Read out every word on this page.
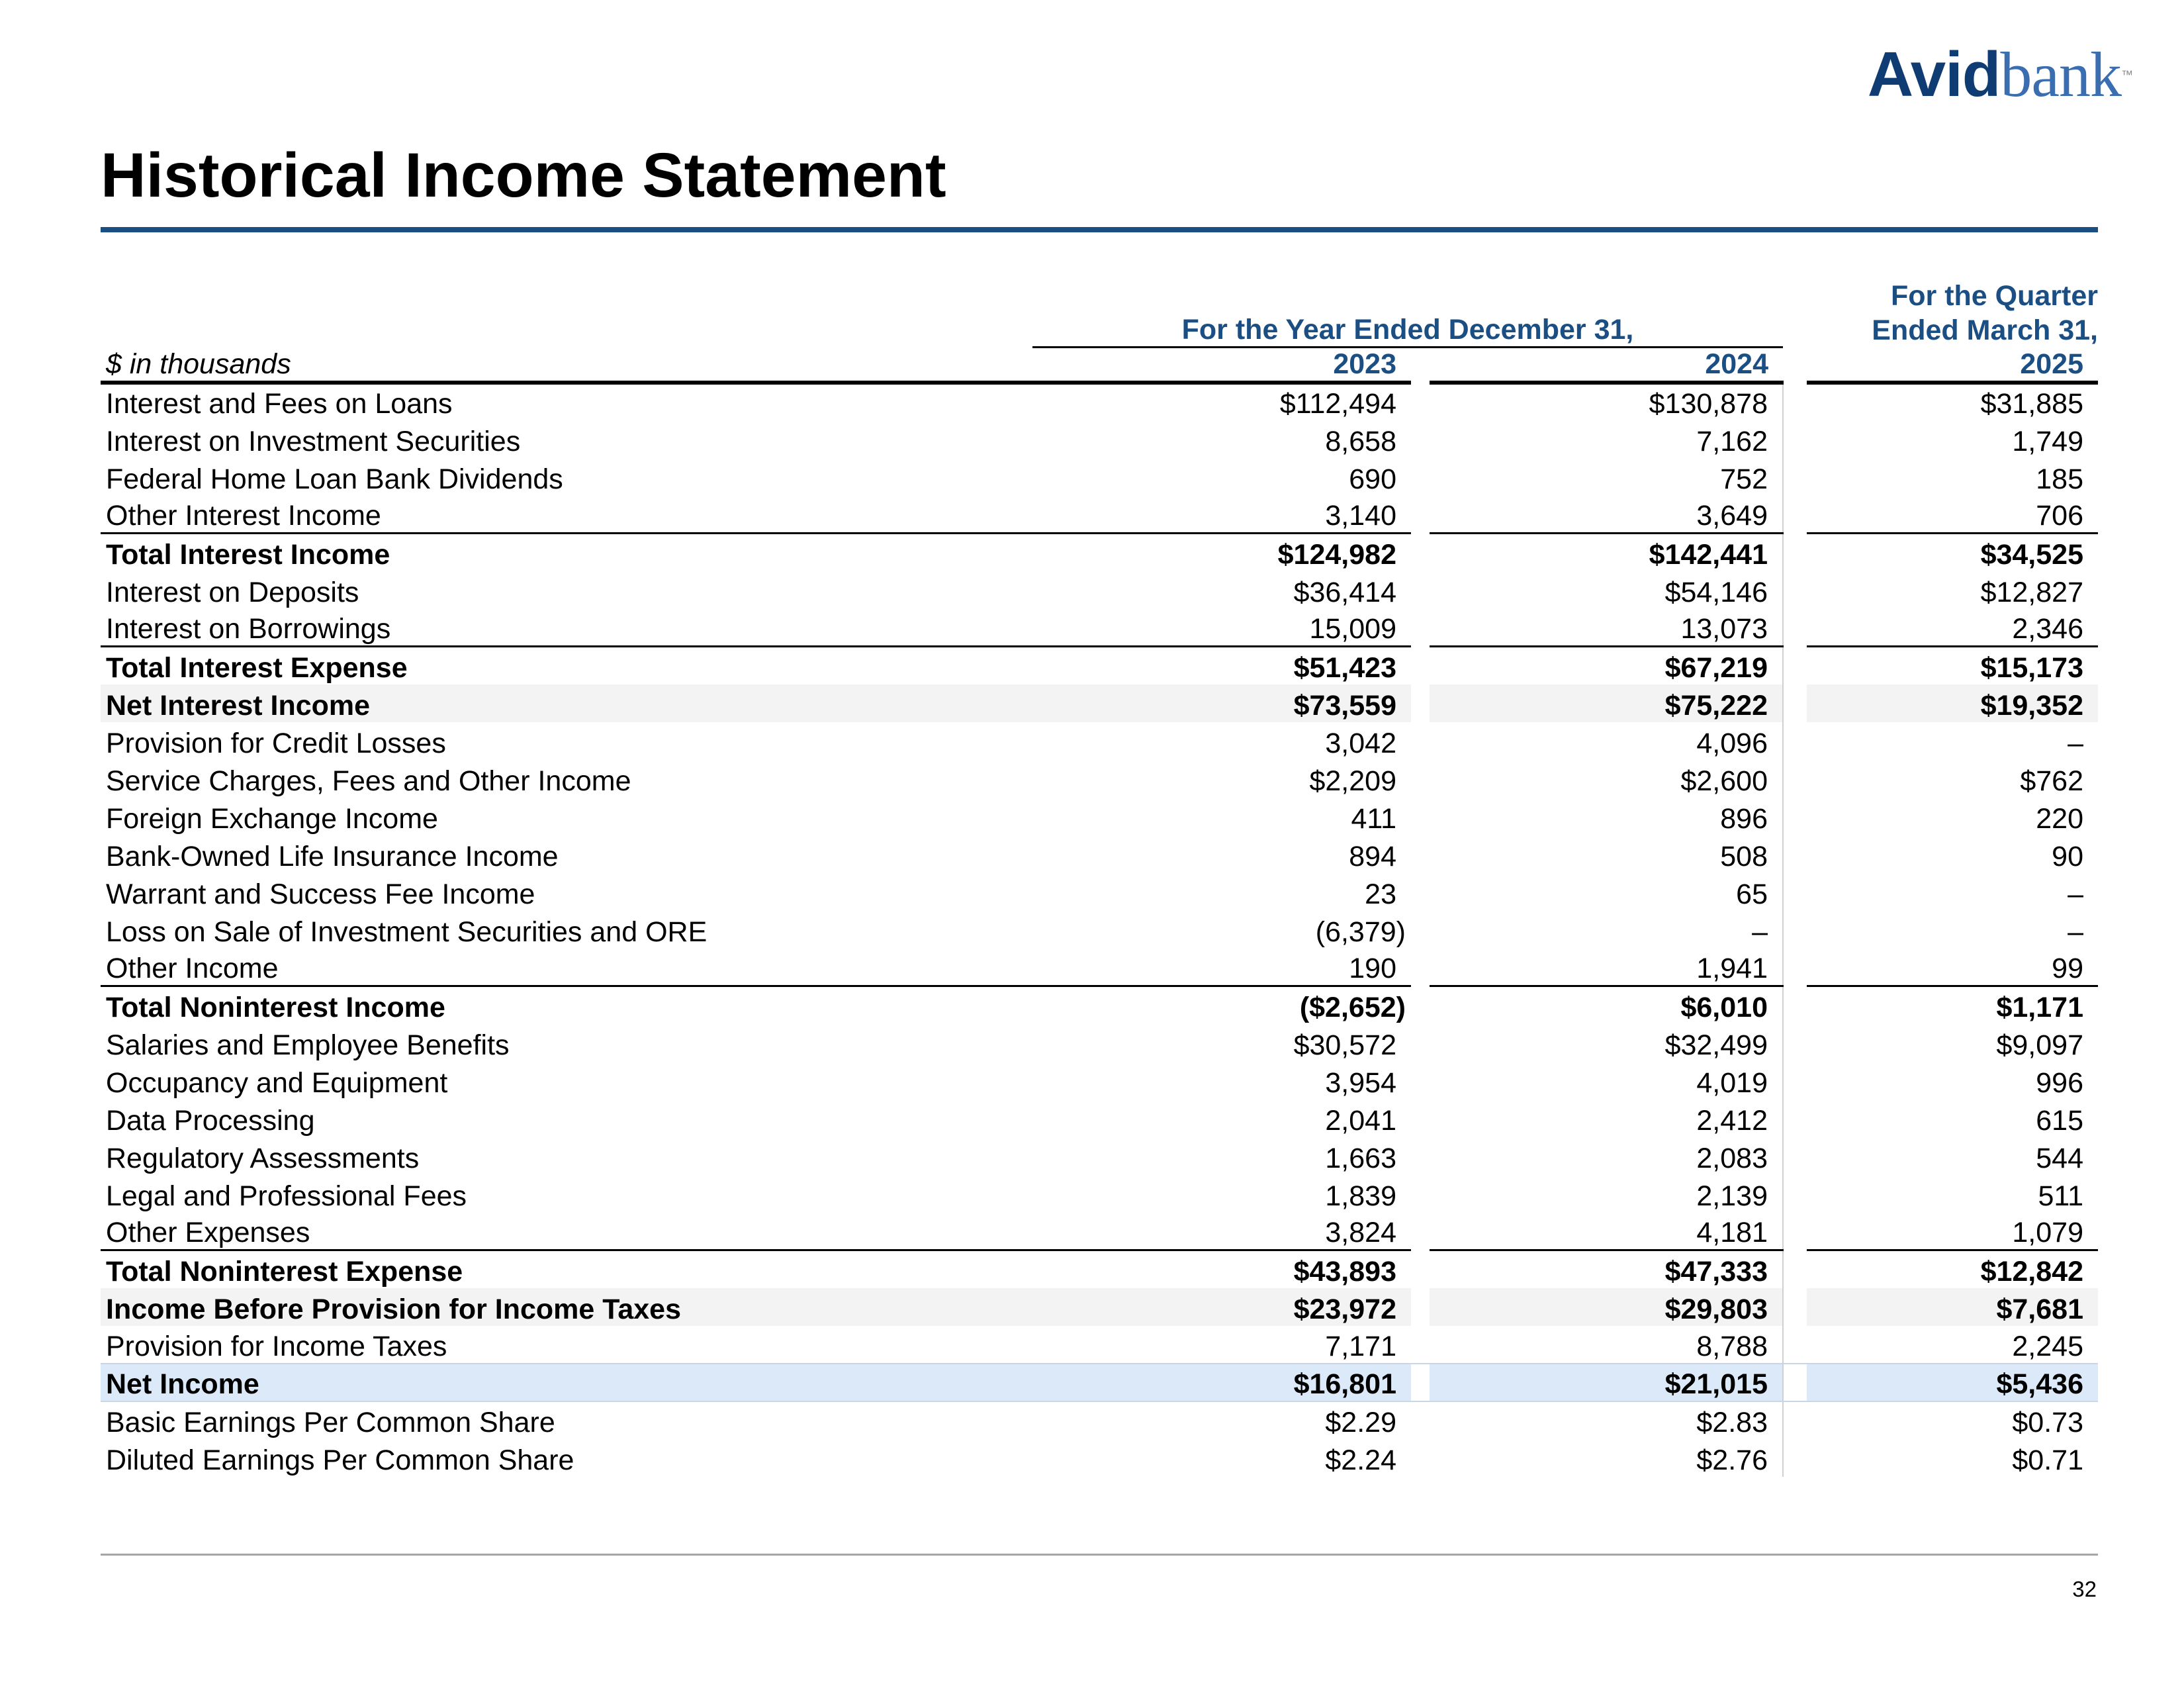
Avidbank™
Historical Income Statement
					For the Quarter
	For the Year Ended December 31,				Ended March 31,
$ in thousands	2023		2024		2025
Interest and Fees on Loans	$112,494		$130,878		$31,885
Interest on Investment Securities	8,658		7,162		1,749
Federal Home Loan Bank Dividends	690		752		185
Other Interest Income	3,140		3,649		706
Total Interest Income	$124,982		$142,441		$34,525
Interest on Deposits	$36,414		$54,146		$12,827
Interest on Borrowings	15,009		13,073		2,346
Total Interest Expense	$51,423		$67,219		$15,173
Net Interest Income	$73,559		$75,222		$19,352
Provision for Credit Losses	3,042		4,096		–
Service Charges, Fees and Other Income	$2,209		$2,600		$762
Foreign Exchange Income	411		896		220
Bank-Owned Life Insurance Income	894		508		90
Warrant and Success Fee Income	23		65		–
Loss on Sale of Investment Securities and ORE	(6,379)		–		–
Other Income	190		1,941		99
Total Noninterest Income	($2,652)		$6,010		$1,171
Salaries and Employee Benefits	$30,572		$32,499		$9,097
Occupancy and Equipment	3,954		4,019		996
Data Processing	2,041		2,412		615
Regulatory Assessments	1,663		2,083		544
Legal and Professional Fees	1,839		2,139		511
Other Expenses	3,824		4,181		1,079
Total Noninterest Expense	$43,893		$47,333		$12,842
Income Before Provision for Income Taxes	$23,972		$29,803		$7,681
Provision for Income Taxes	7,171		8,788		2,245
Net Income	$16,801		$21,015		$5,436
Basic Earnings Per Common Share	$2.29		$2.83		$0.73
Diluted Earnings Per Common Share	$2.24		$2.76		$0.71
32
